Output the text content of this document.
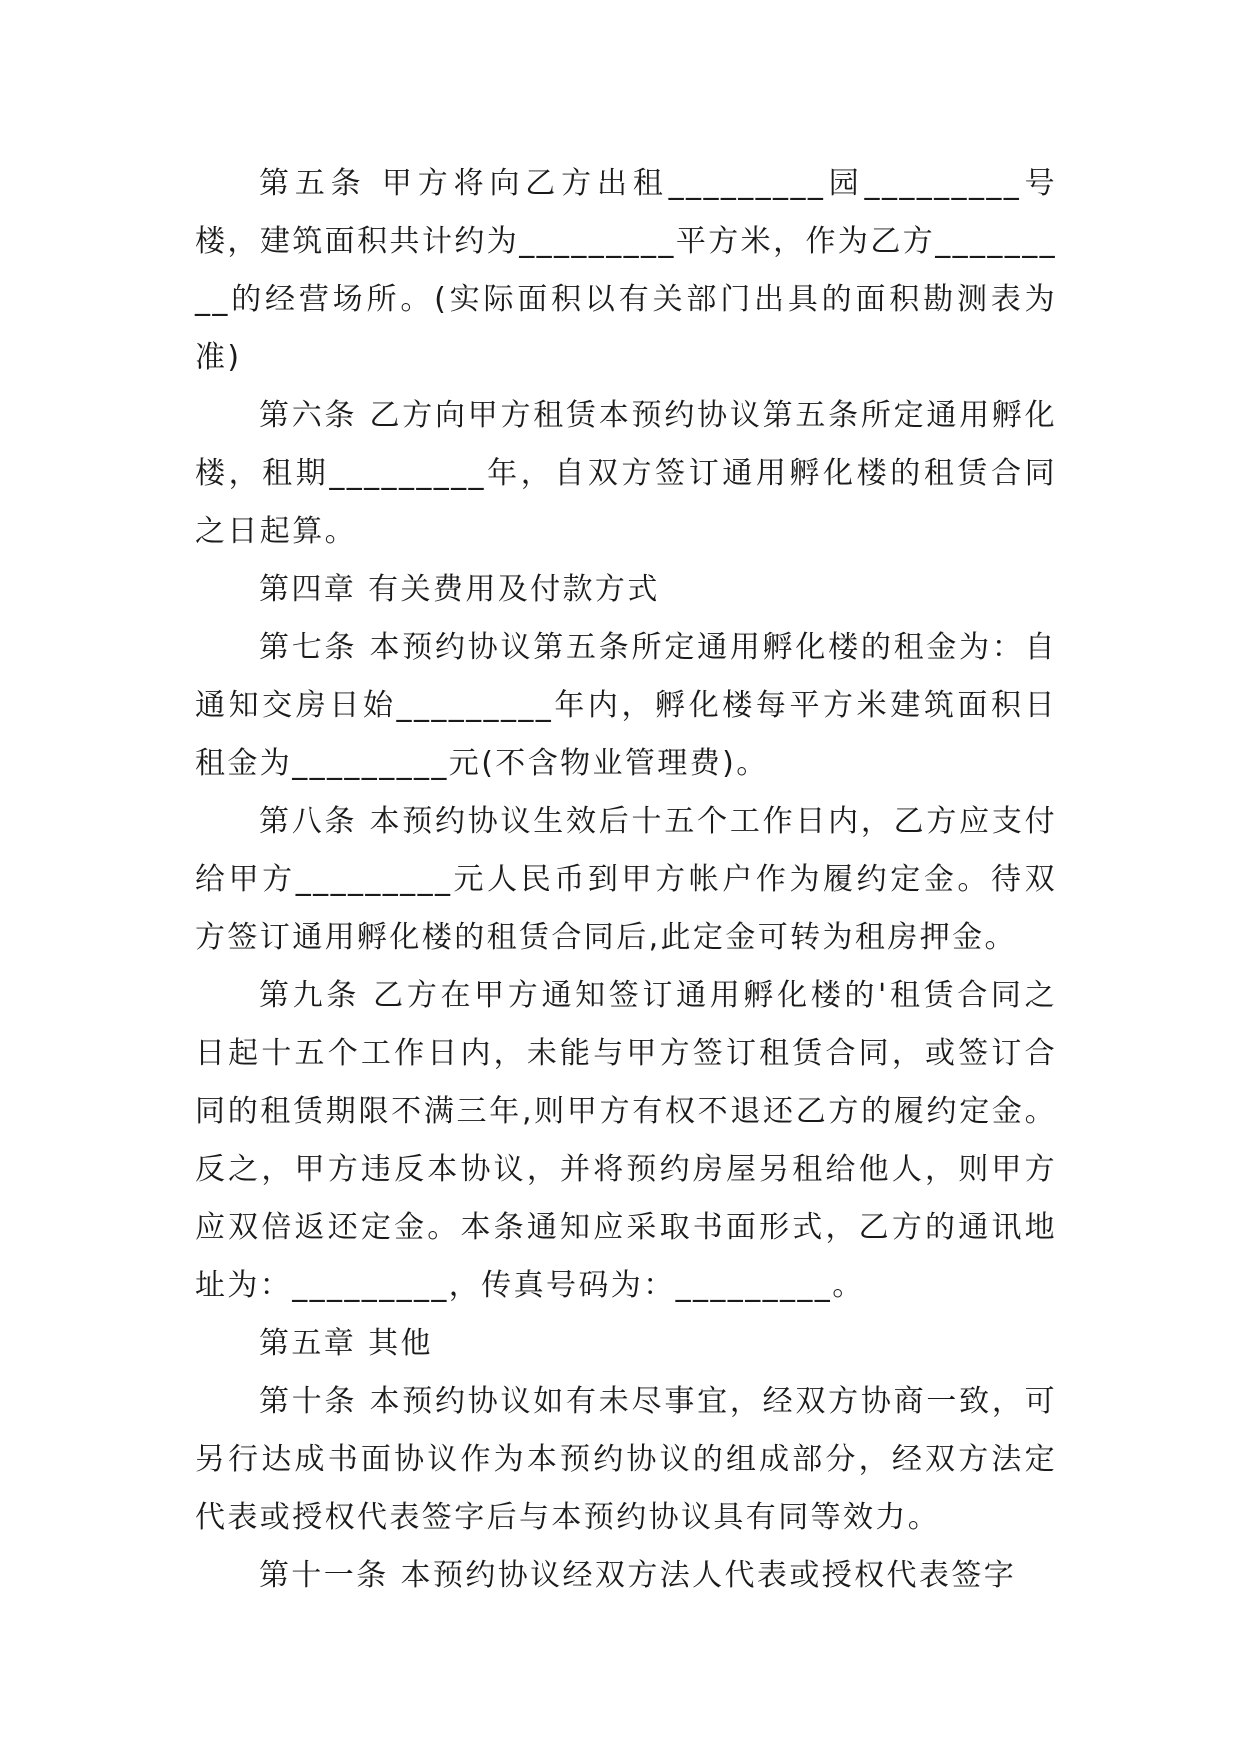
第五条 甲方将向乙方出租_________园_________号楼，建筑面积共计约为_________平方米，作为乙方_________的经营场所。(实际面积以有关部门出具的面积勘测表为准)

第六条 乙方向甲方租赁本预约协议第五条所定通用孵化楼，租期_________年，自双方签订通用孵化楼的租赁合同之日起算。

第四章 有关费用及付款方式

第七条 本预约协议第五条所定通用孵化楼的租金为：自通知交房日始_________年内，孵化楼每平方米建筑面积日租金为_________元(不含物业管理费)。

第八条 本预约协议生效后十五个工作日内，乙方应支付给甲方_________元人民币到甲方帐户作为履约定金。待双方签订通用孵化楼的租赁合同后,此定金可转为租房押金。

第九条 乙方在甲方通知签订通用孵化楼的'租赁合同之日起十五个工作日内，未能与甲方签订租赁合同，或签订合同的租赁期限不满三年,则甲方有权不退还乙方的履约定金。反之，甲方违反本协议，并将预约房屋另租给他人，则甲方应双倍返还定金。本条通知应采取书面形式，乙方的通讯地址为：_________，传真号码为：_________。

第五章 其他

第十条 本预约协议如有未尽事宜，经双方协商一致，可另行达成书面协议作为本预约协议的组成部分，经双方法定代表或授权代表签字后与本预约协议具有同等效力。

第十一条 本预约协议经双方法人代表或授权代表签字
